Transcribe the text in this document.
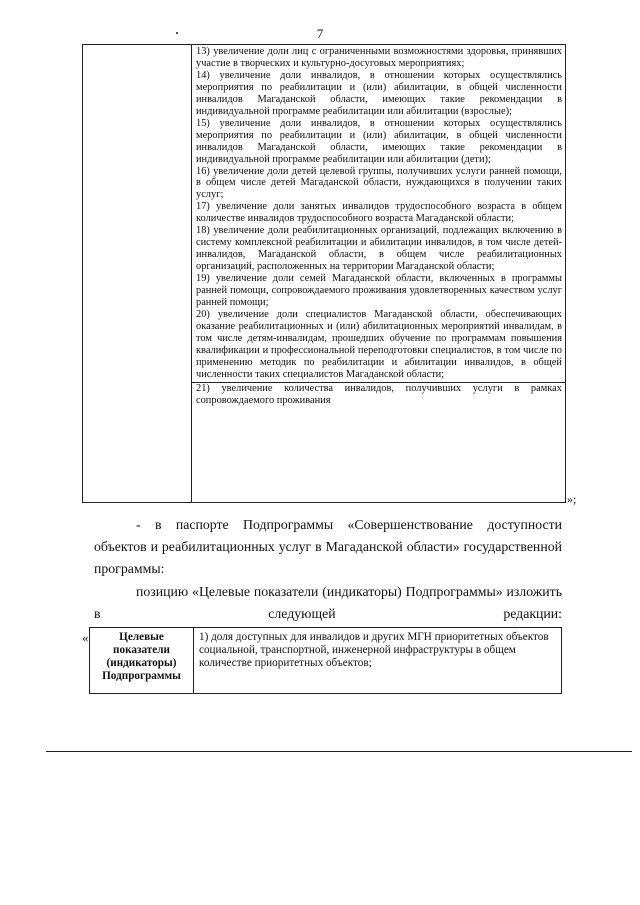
7

13) увеличение доли лиц с ограниченными возможностями здоровья, принявших участие в творческих и культурно-досуговых мероприятиях;

14) увеличение доли инвалидов, в отношении которых осуществлялись мероприятия по реабилитации и (или) абилитации, в общей численности инвалидов Магаданской области, имеющих такие рекомендации в индивидуальной программе реабилитации или абилитации (взрослые);

15) увеличение доли инвалидов, в отношении которых осуществлялись мероприятия по реабилитации и (или) абилитации, в общей численности инвалидов Магаданской области, имеющих такие рекомендации в индивидуальной программе реабилитации или абилитации (дети);

16) увеличение доли детей целевой группы, получивших услуги ранней помощи, в общем числе детей Магаданской области, нуждающихся в получении таких услуг;

17) увеличение доли занятых инвалидов трудоспособного возраста в общем количестве инвалидов трудоспособного возраста Магаданской области;

18) увеличение доли реабилитационных организаций, подлежащих включению в систему комплексной реабилитации и абилитации инвалидов, в том числе детей-инвалидов, Магаданской области, в общем числе реабилитационных организаций, расположенных на территории Магаданской области;

19) увеличение доли семей Магаданской области, включенных в программы ранней помощи, сопровождаемого проживания удовлетворенных качеством услуг ранней помощи;

20) увеличение доли специалистов Магаданской области, обеспечивающих оказание реабилитационных и (или) абилитационных мероприятий инвалидам, в том числе детям-инвалидам, прошедших обучение по программам повышения квалификации и профессиональной переподготовки специалистов, в том числе по применению методик по реабилитации и абилитации инвалидов, в общей численности таких специалистов Магаданской области;

21) увеличение количества инвалидов, получивших услуги в рамках сопровождаемого проживания

»;
- в паспорте Подпрограммы «Совершенствование доступности объектов и реабилитационных услуг в Магаданской области» государственной программы:
позицию «Целевые показатели (индикаторы) Подпрограммы» изложить в следующей редакции:
«	Целевые показатели (индикаторы) Подпрограммы
1) доля доступных для инвалидов и других МГН приоритетных объектов социальной, транспортной, инженерной инфраструктуры в общем количестве приоритетных объектов;
